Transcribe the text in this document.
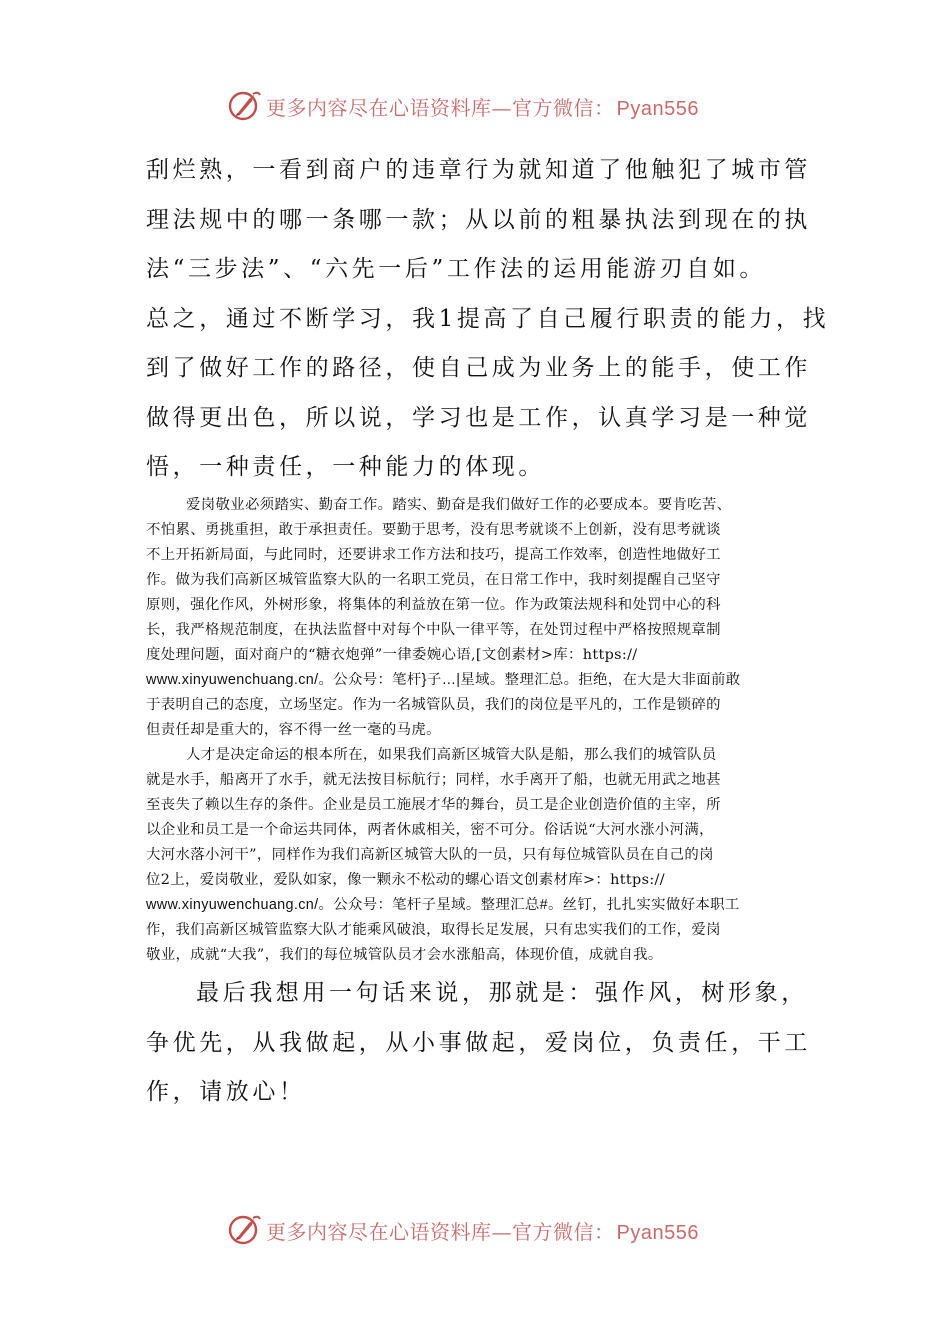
更多内容尽在心语资料库—官方微信： Pyan556
刮烂熟，一看到商户的违章行为就知道了他触犯了城市管
理法规中的哪一条哪一款；从以前的粗暴执法到现在的执
法“三步法”、“六先一后”工作法的运用能游刃自如。
总之，通过不断学习，我1提高了自己履行职责的能力，找
到了做好工作的路径，使自己成为业务上的能手，使工作
做得更出色，所以说，学习也是工作，认真学习是一种觉
悟，一种责任，一种能力的体现。
爱岗敬业必须踏实、勤奋工作。踏实、勤奋是我们做好工作的必要成本。要肯吃苦、
不怕累、勇挑重担，敢于承担责任。要勤于思考，没有思考就谈不上创新，没有思考就谈
不上开拓新局面，与此同时，还要讲求工作方法和技巧，提高工作效率，创造性地做好工
作。做为我们高新区城管监察大队的一名职工党员，在日常工作中，我时刻提醒自己坚守
原则，强化作风，外树形象，将集体的利益放在第一位。作为政策法规科和处罚中心的科
长，我严格规范制度，在执法监督中对每个中队一律平等，在处罚过程中严格按照规章制
度处理问题，面对商户的“糖衣炮弹”一律委婉心语,[文创素材>库：https://
www.xinyuwenchuang.cn/。公众号：笔杆}子…|星域。整理汇总。拒绝，在大是大非面前敢
于表明自己的态度，立场坚定。作为一名城管队员，我们的岗位是平凡的，工作是锁碎的
但责任却是重大的，容不得一丝一毫的马虎。
人才是决定命运的根本所在，如果我们高新区城管大队是船，那么我们的城管队员
就是水手，船离开了水手，就无法按目标航行；同样，水手离开了船，也就无用武之地甚
至丧失了赖以生存的条件。企业是员工施展才华的舞台，员工是企业创造价值的主宰，所
以企业和员工是一个命运共同体，两者休戚相关，密不可分。俗话说“大河水涨小河满，
大河水落小河干”，同样作为我们高新区城管大队的一员，只有每位城管队员在自己的岗
位2上，爱岗敬业，爱队如家，像一颗永不松动的螺心语文创素材库>：https://
www.xinyuwenchuang.cn/。公众号：笔杆子星域。整理汇总#。丝钉，扎扎实实做好本职工
作，我们高新区城管监察大队才能乘风破浪，取得长足发展，只有忠实我们的工作，爱岗
敬业，成就“大我”，我们的每位城管队员才会水涨船高，体现价值，成就自我。
最后我想用一句话来说，那就是：强作风，树形象，
争优先，从我做起，从小事做起，爱岗位，负责任，干工
作，请放心！
更多内容尽在心语资料库—官方微信： Pyan556
